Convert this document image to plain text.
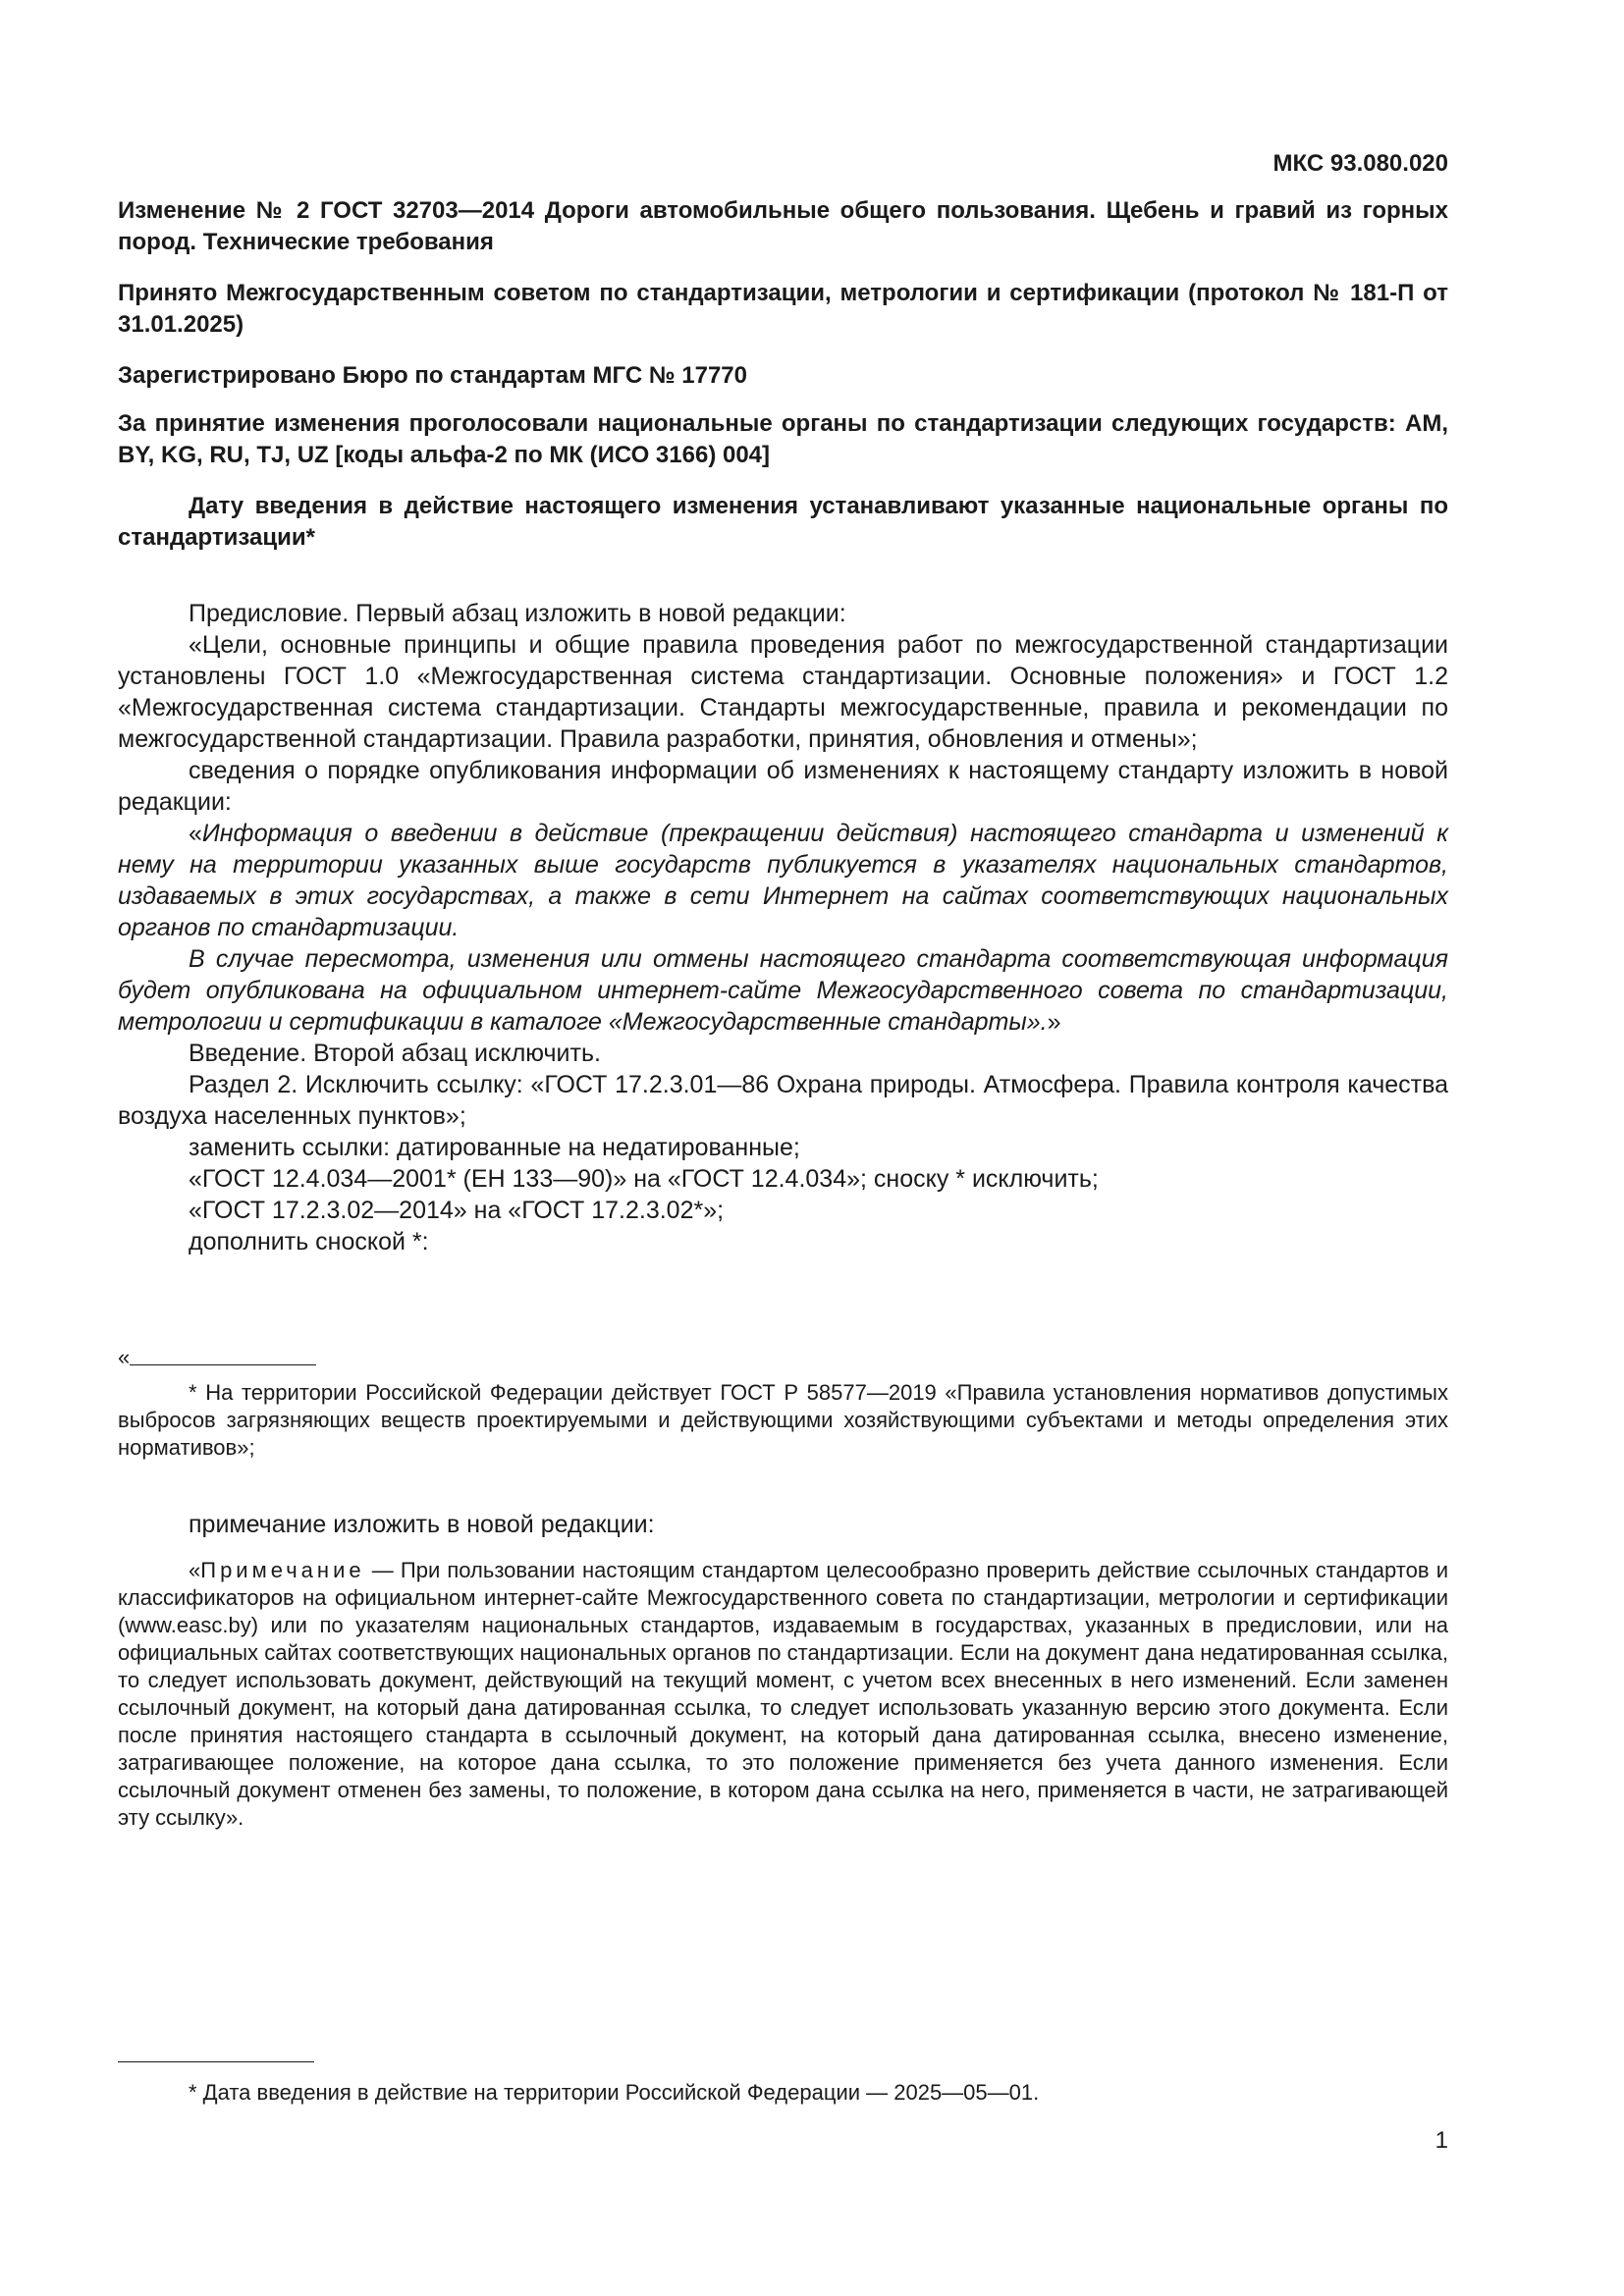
МКС 93.080.020
Изменение № 2 ГОСТ 32703—2014 Дороги автомобильные общего пользования. Щебень и гравий из горных пород. Технические требования
Принято Межгосударственным советом по стандартизации, метрологии и сертификации (протокол № 181-П от 31.01.2025)
Зарегистрировано Бюро по стандартам МГС № 17770
За принятие изменения проголосовали национальные органы по стандартизации следующих государств: AM, BY, KG, RU, TJ, UZ [коды альфа-2 по МК (ИСО 3166) 004]
Дату введения в действие настоящего изменения устанавливают указанные национальные органы по стандартизации*

Предисловие. Первый абзац изложить в новой редакции:

«Цели, основные принципы и общие правила проведения работ по межгосударственной стандартизации установлены ГОСТ 1.0 «Межгосударственная система стандартизации. Основные положения» и ГОСТ 1.2 «Межгосударственная система стандартизации. Стандарты межгосударственные, правила и рекомендации по межгосударственной стандартизации. Правила разработки, принятия, обновления и отмены»;

сведения о порядке опубликования информации об изменениях к настоящему стандарту изложить в новой редакции:

«Информация о введении в действие (прекращении действия) настоящего стандарта и изменений к нему на территории указанных выше государств публикуется в указателях национальных стандартов, издаваемых в этих государствах, а также в сети Интернет на сайтах соответствующих национальных органов по стандартизации.

В случае пересмотра, изменения или отмены настоящего стандарта соответствующая информация будет опубликована на официальном интернет-сайте Межгосударственного совета по стандартизации, метрологии и сертификации в каталоге «Межгосударственные стандарты».»

Введение. Второй абзац исключить.

Раздел 2. Исключить ссылку: «ГОСТ 17.2.3.01—86 Охрана природы. Атмосфера. Правила контроля качества воздуха населенных пунктов»;

заменить ссылки: датированные на недатированные;

«ГОСТ 12.4.034—2001* (ЕН 133—90)» на «ГОСТ 12.4.034»; сноску * исключить;

«ГОСТ 17.2.3.02—2014» на «ГОСТ 17.2.3.02*»;

дополнить сноской *:

«

* На территории Российской Федерации действует ГОСТ Р 58577—2019 «Правила установления нормативов допустимых выбросов загрязняющих веществ проектируемыми и действующими хозяйствующими субъектами и методы определения этих нормативов»;

примечание изложить в новой редакции:

«Примечание — При пользовании настоящим стандартом целесообразно проверить действие ссылочных стандартов и классификаторов на официальном интернет-сайте Межгосударственного совета по стандартизации, метрологии и сертификации (www.easc.by) или по указателям национальных стандартов, издаваемым в государствах, указанных в предисловии, или на официальных сайтах соответствующих национальных органов по стандартизации. Если на документ дана недатированная ссылка, то следует использовать документ, действующий на текущий момент, с учетом всех внесенных в него изменений. Если заменен ссылочный документ, на который дана датированная ссылка, то следует использовать указанную версию этого документа. Если после принятия настоящего стандарта в ссылочный документ, на который дана датированная ссылка, внесено изменение, затрагивающее положение, на которое дана ссылка, то это положение применяется без учета данного изменения. Если ссылочный документ отменен без замены, то положение, в котором дана ссылка на него, применяется в части, не затрагивающей эту ссылку».

* Дата введения в действие на территории Российской Федерации — 2025—05—01.

1
